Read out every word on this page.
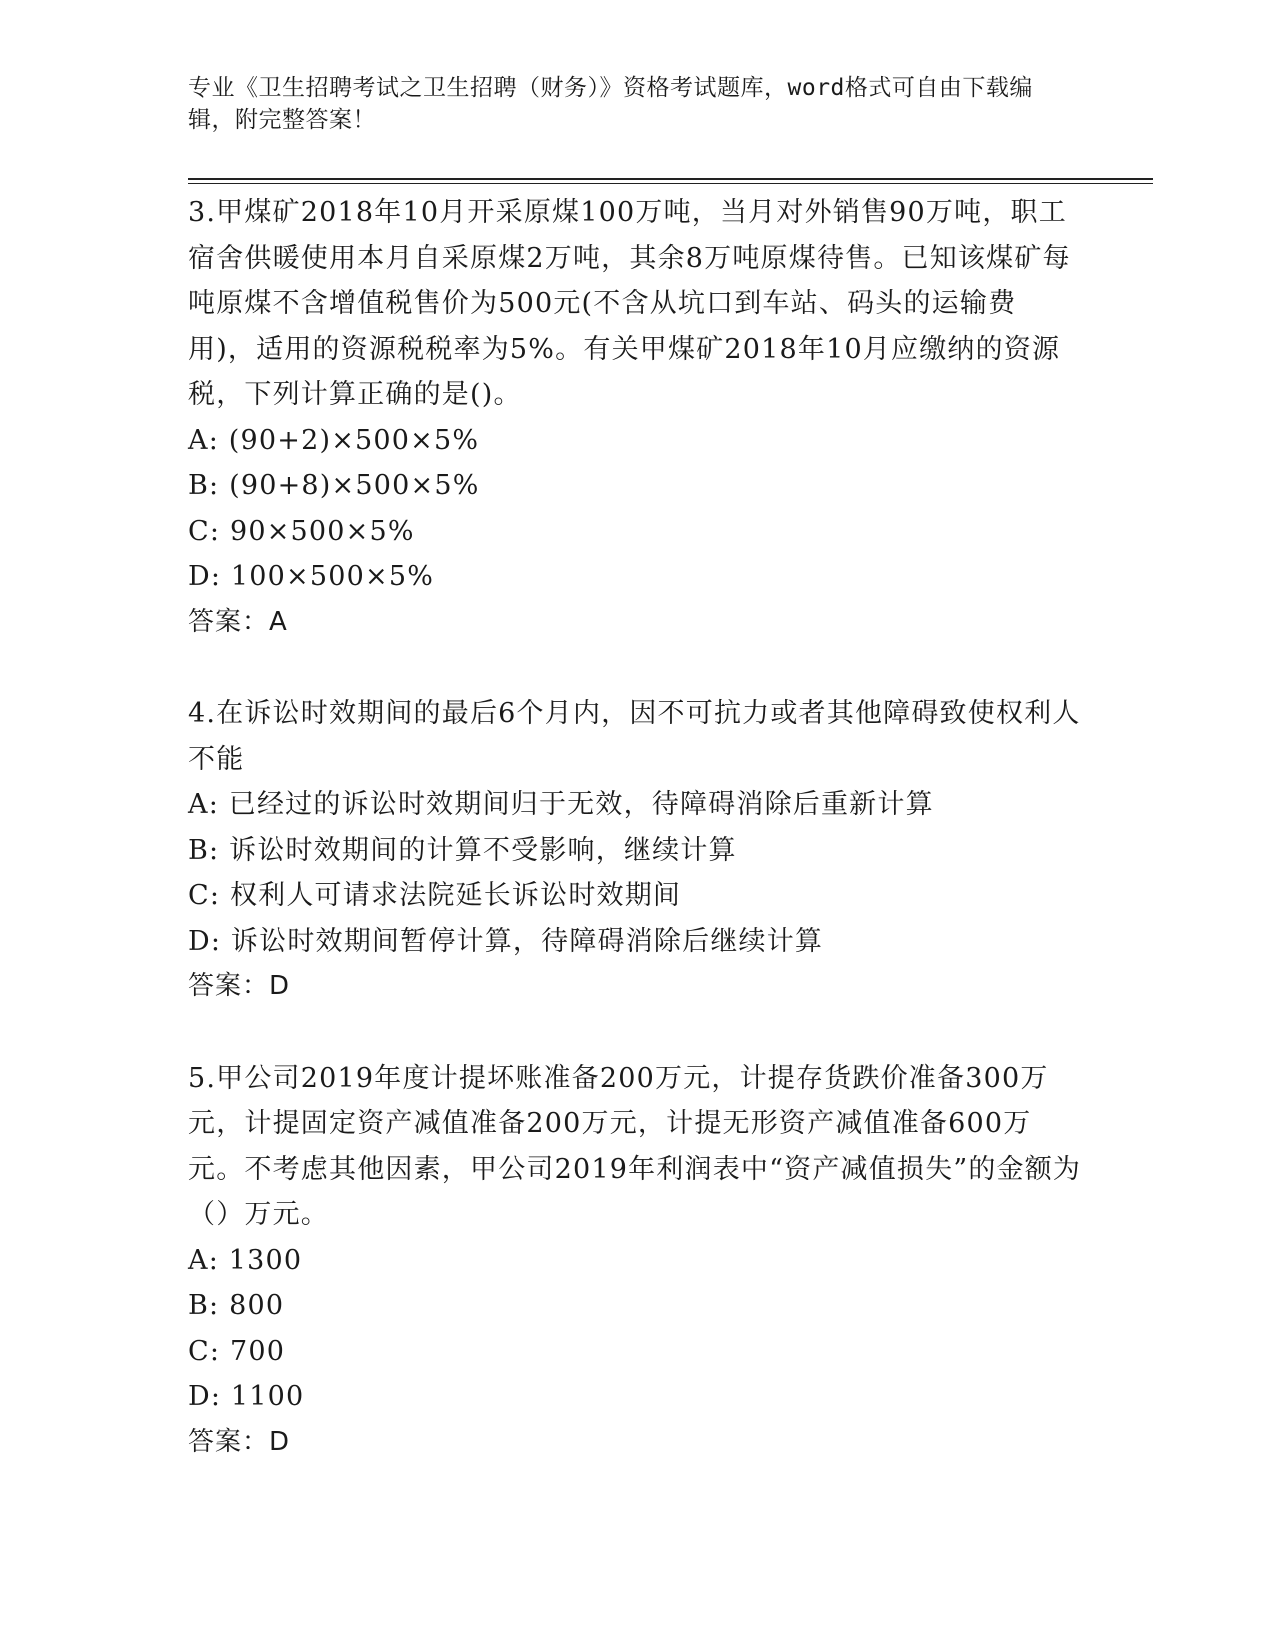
专业《卫生招聘考试之卫生招聘（财务）》资格考试题库，word格式可自由下载编辑，附完整答案！

3.甲煤矿2018年10月开采原煤100万吨，当月对外销售90万吨，职工宿舍供暖使用本月自采原煤2万吨，其余8万吨原煤待售。已知该煤矿每吨原煤不含增值税售价为500元(不含从坑口到车站、码头的运输费用)，适用的资源税税率为5%。有关甲煤矿2018年10月应缴纳的资源税，下列计算正确的是()。

A: (90+2)×500×5%

B: (90+8)×500×5%

C: 90×500×5%

D: 100×500×5%

答案：A

4.在诉讼时效期间的最后6个月内，因不可抗力或者其他障碍致使权利人不能

A: 已经过的诉讼时效期间归于无效，待障碍消除后重新计算

B: 诉讼时效期间的计算不受影响，继续计算

C: 权利人可请求法院延长诉讼时效期间

D: 诉讼时效期间暂停计算，待障碍消除后继续计算

答案：D

5.甲公司2019年度计提坏账准备200万元，计提存货跌价准备300万元，计提固定资产减值准备200万元，计提无形资产减值准备600万元。不考虑其他因素，甲公司2019年利润表中“资产减值损失”的金额为（）万元。

A: 1300

B: 800

C: 700

D: 1100

答案：D
